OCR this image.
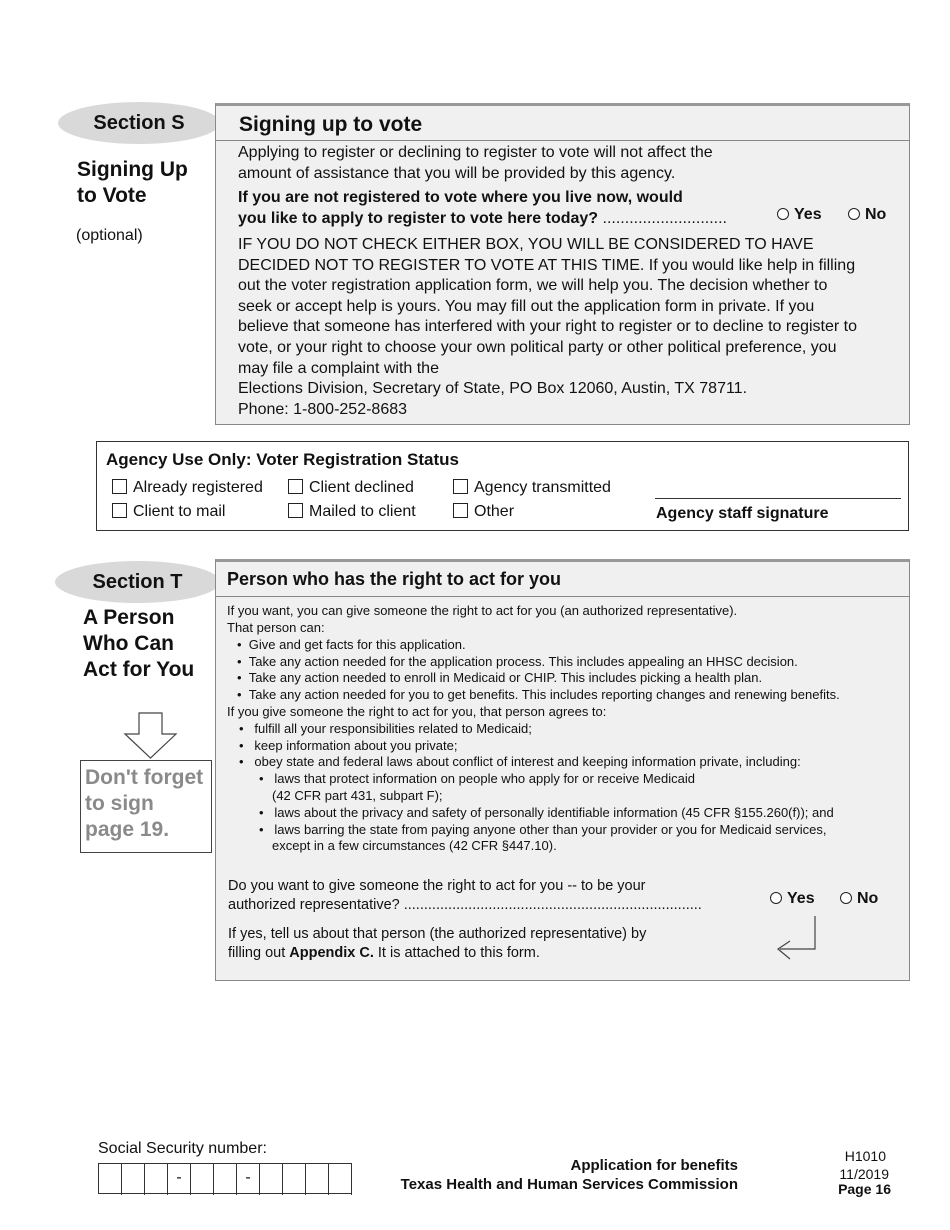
Section S
Signing Up
to Vote
(optional)
Signing up to vote
Applying to register or declining to register to vote will not affect the
amount of assistance that you will be provided by this agency.
If you are not registered to vote where you live now, would
you like to apply to register to vote here today? ............................	Yes	No
IF YOU DO NOT CHECK EITHER BOX, YOU WILL BE CONSIDERED TO HAVE
DECIDED NOT TO REGISTER TO VOTE AT THIS TIME. If you would like help in filling
out the voter registration application form, we will help you. The decision whether to
seek or accept help is yours. You may fill out the application form in private. If you
believe that someone has interfered with your right to register or to decline to register to
vote, or your right to choose your own political party or other political preference, you
may file a complaint with the
Elections Division, Secretary of State, PO Box 12060, Austin, TX 78711.
Phone: 1-800-252-8683
Agency Use Only: Voter Registration Status
Already registered	Client declined	Agency transmitted
Client to mail	Mailed to client	Other	Agency staff signature
Section T
A Person
Who Can
Act for You
Don't forget
to sign
page 19.
Person who has the right to act for you
If you want, you can give someone the right to act for you (an authorized representative).
That person can:
•  Give and get facts for this application.
•  Take any action needed for the application process. This includes appealing an HHSC decision.
•  Take any action needed to enroll in Medicaid or CHIP. This includes picking a health plan.
•  Take any action needed for you to get benefits. This includes reporting changes and renewing benefits.
If you give someone the right to act for you, that person agrees to:
•   fulfill all your responsibilities related to Medicaid;
•   keep information about you private;
•   obey state and federal laws about conflict of interest and keeping information private, including:
•   laws that protect information on people who apply for or receive Medicaid
(42 CFR part 431, subpart F);
•   laws about the privacy and safety of personally identifiable information (45 CFR §155.260(f)); and
•   laws barring the state from paying anyone other than your provider or you for Medicaid services,
except in a few circumstances (42 CFR §447.10).
Do you want to give someone the right to act for you -- to be your
authorized representative? ..........................................................................	Yes	No
If yes, tell us about that person (the authorized representative) by
filling out Appendix C. It is attached to this form.
Social Security number:
-	-
Application for benefits
Texas Health and Human Services Commission
H1010
11/2019
Page 16
